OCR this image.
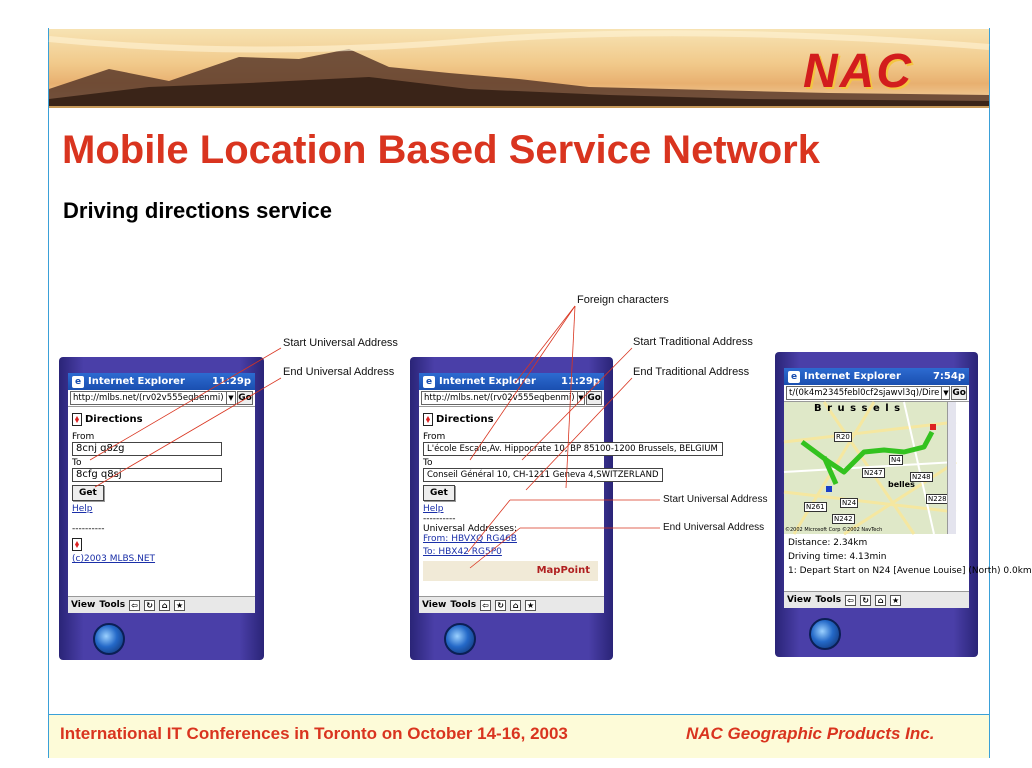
NAC
Mobile Location Based Service Network
Driving directions service
e Internet Explorer	11:29p
http://mlbs.net/(rv02v555eqbenmi) ▼ Go
Directions
From
8cnj q8zg
To
8cfg q8sj
Get
Help
----------
(c)2003 MLBS.NET
View Tools ⇦ ↻	⌂	★
e Internet Explorer	11:29p
http://mlbs.net/(rv02v555eqbenmi) ▼ Go
Directions
From
L'école Escale,Av. Hippocrate 10, BP 85100-1200 Brussels, BELGIUM
To
Conseil Général 10, CH-1211 Geneva 4,SWITZERLAND
Get
Help
----------
Universal Addresses:
From: HBVXQ RG46B
To: HBX42 RG5P0
MapPoint
View Tools ⇦ ↻	⌂	★
e Internet Explorer	7:54p
t/(0k4m2345febl0cf2sjawvl3q)/Dire ▼ Go
B r u s s e l s
R20
N4
N247	N248
N261 N24
N242
N228
belles
©2002 Microsoft Corp ©2002 NavTech
Distance: 2.34km
Driving time: 4.13min
1: Depart Start on N24 [Avenue Louise] (North) 0.0km
View Tools ⇦ ↻	⌂	★
Foreign characters
Start Universal Address
End Universal Address
Start Traditional Address
End Traditional Address
Start Universal Address
End Universal Address
International IT Conferences in Toronto on October 14-16, 2003	NAC Geographic Products Inc.
